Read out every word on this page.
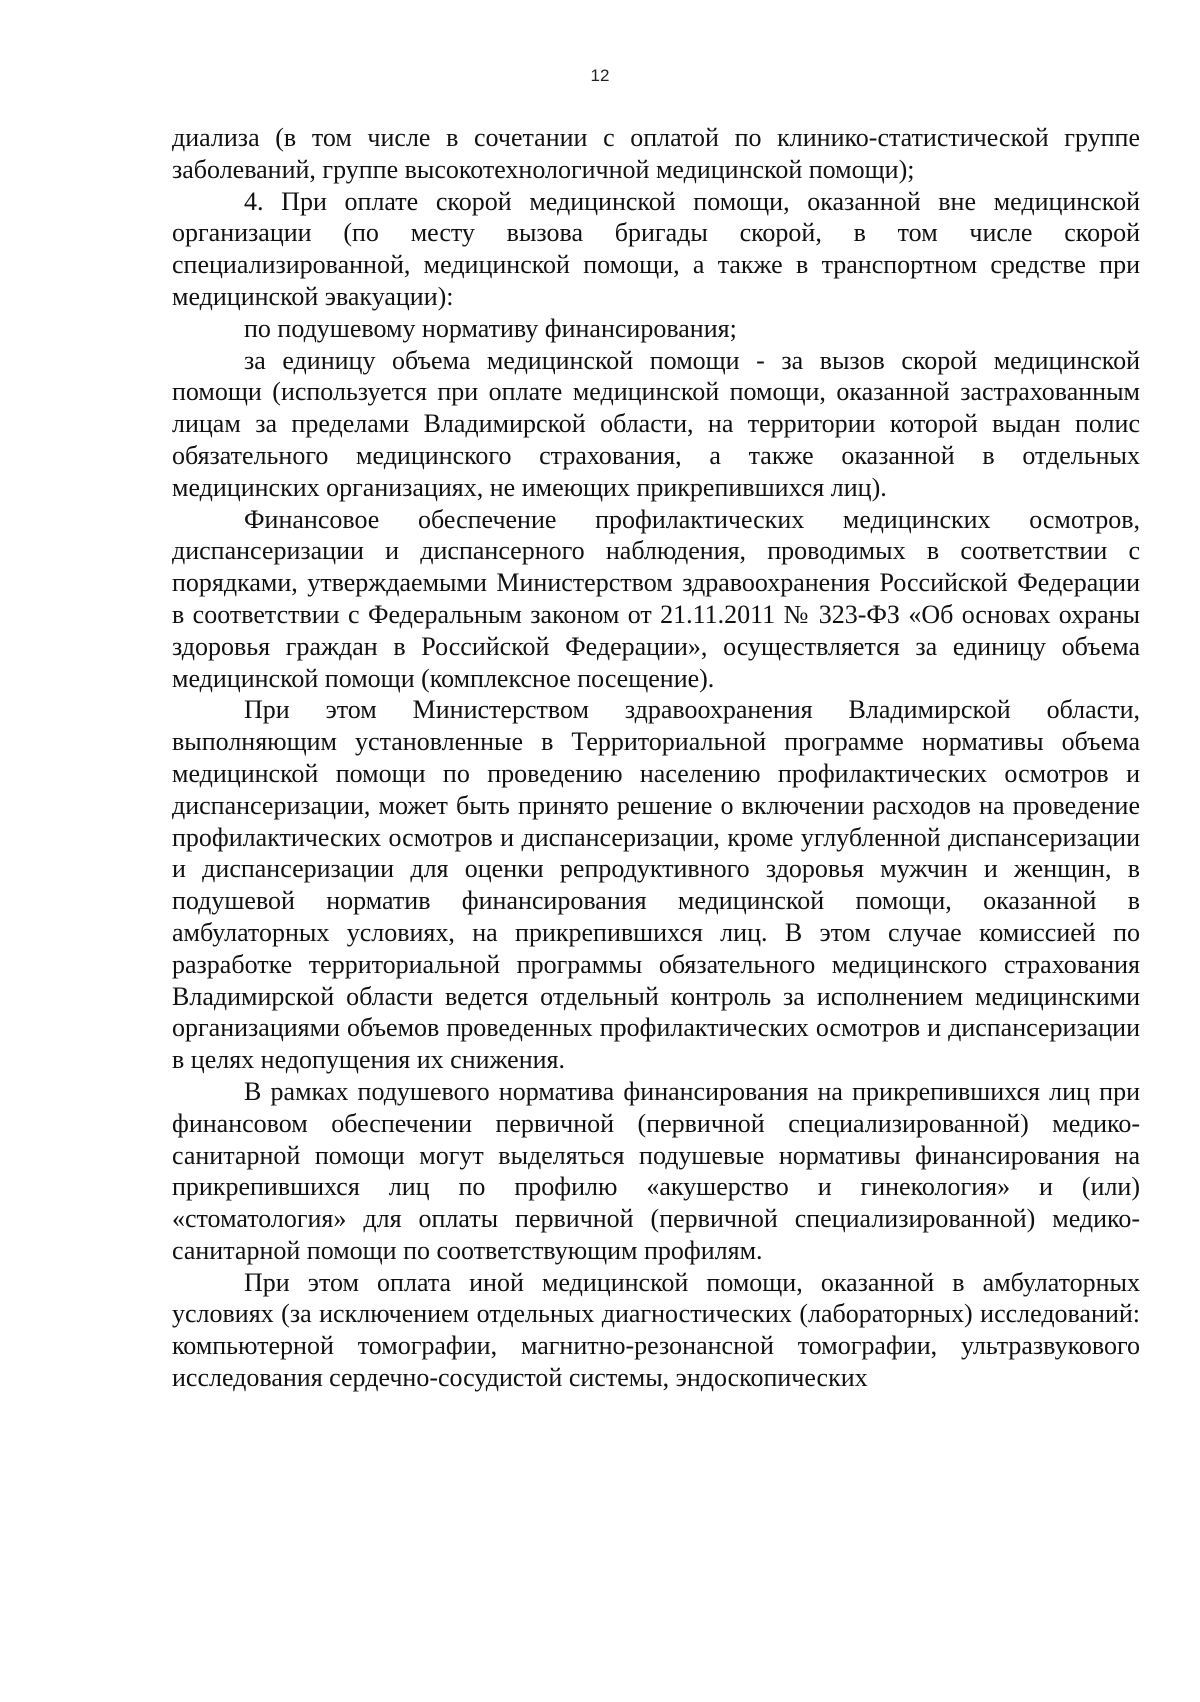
12

диализа (в том числе в сочетании с оплатой по клинико-статистической группе заболеваний, группе высокотехнологичной медицинской помощи);

4. При оплате скорой медицинской помощи, оказанной вне медицинской организации (по месту вызова бригады скорой, в том числе скорой специализированной, медицинской помощи, а также в транспортном средстве при медицинской эвакуации):

по подушевому нормативу финансирования;

за единицу объема медицинской помощи - за вызов скорой медицинской помощи (используется при оплате медицинской помощи, оказанной застрахованным лицам за пределами Владимирской области, на территории которой выдан полис обязательного медицинского страхования, а также оказанной в отдельных медицинских организациях, не имеющих прикрепившихся лиц).

Финансовое обеспечение профилактических медицинских осмотров, диспансеризации и диспансерного наблюдения, проводимых в соответствии с порядками, утверждаемыми Министерством здравоохранения Российской Федерации в соответствии с Федеральным законом от 21.11.2011 № 323-ФЗ «Об основах охраны здоровья граждан в Российской Федерации», осуществляется за единицу объема медицинской помощи (комплексное посещение).

При этом Министерством здравоохранения Владимирской области, выполняющим установленные в Территориальной программе нормативы объема медицинской помощи по проведению населению профилактических осмотров и диспансеризации, может быть принято решение о включении расходов на проведение профилактических осмотров и диспансеризации, кроме углубленной диспансеризации и диспансеризации для оценки репродуктивного здоровья мужчин и женщин, в подушевой норматив финансирования медицинской помощи, оказанной в амбулаторных условиях, на прикрепившихся лиц. В этом случае комиссией по разработке территориальной программы обязательного медицинского страхования Владимирской области ведется отдельный контроль за исполнением медицинскими организациями объемов проведенных профилактических осмотров и диспансеризации в целях недопущения их снижения.

В рамках подушевого норматива финансирования на прикрепившихся лиц при финансовом обеспечении первичной (первичной специализированной) медико-санитарной помощи могут выделяться подушевые нормативы финансирования на прикрепившихся лиц по профилю «акушерство и гинекология» и (или) «стоматология» для оплаты первичной (первичной специализированной) медико-санитарной помощи по соответствующим профилям.

При этом оплата иной медицинской помощи, оказанной в амбулаторных условиях (за исключением отдельных диагностических (лабораторных) исследований: компьютерной томографии, магнитно-резонансной томографии, ультразвукового исследования сердечно-сосудистой системы, эндоскопических
